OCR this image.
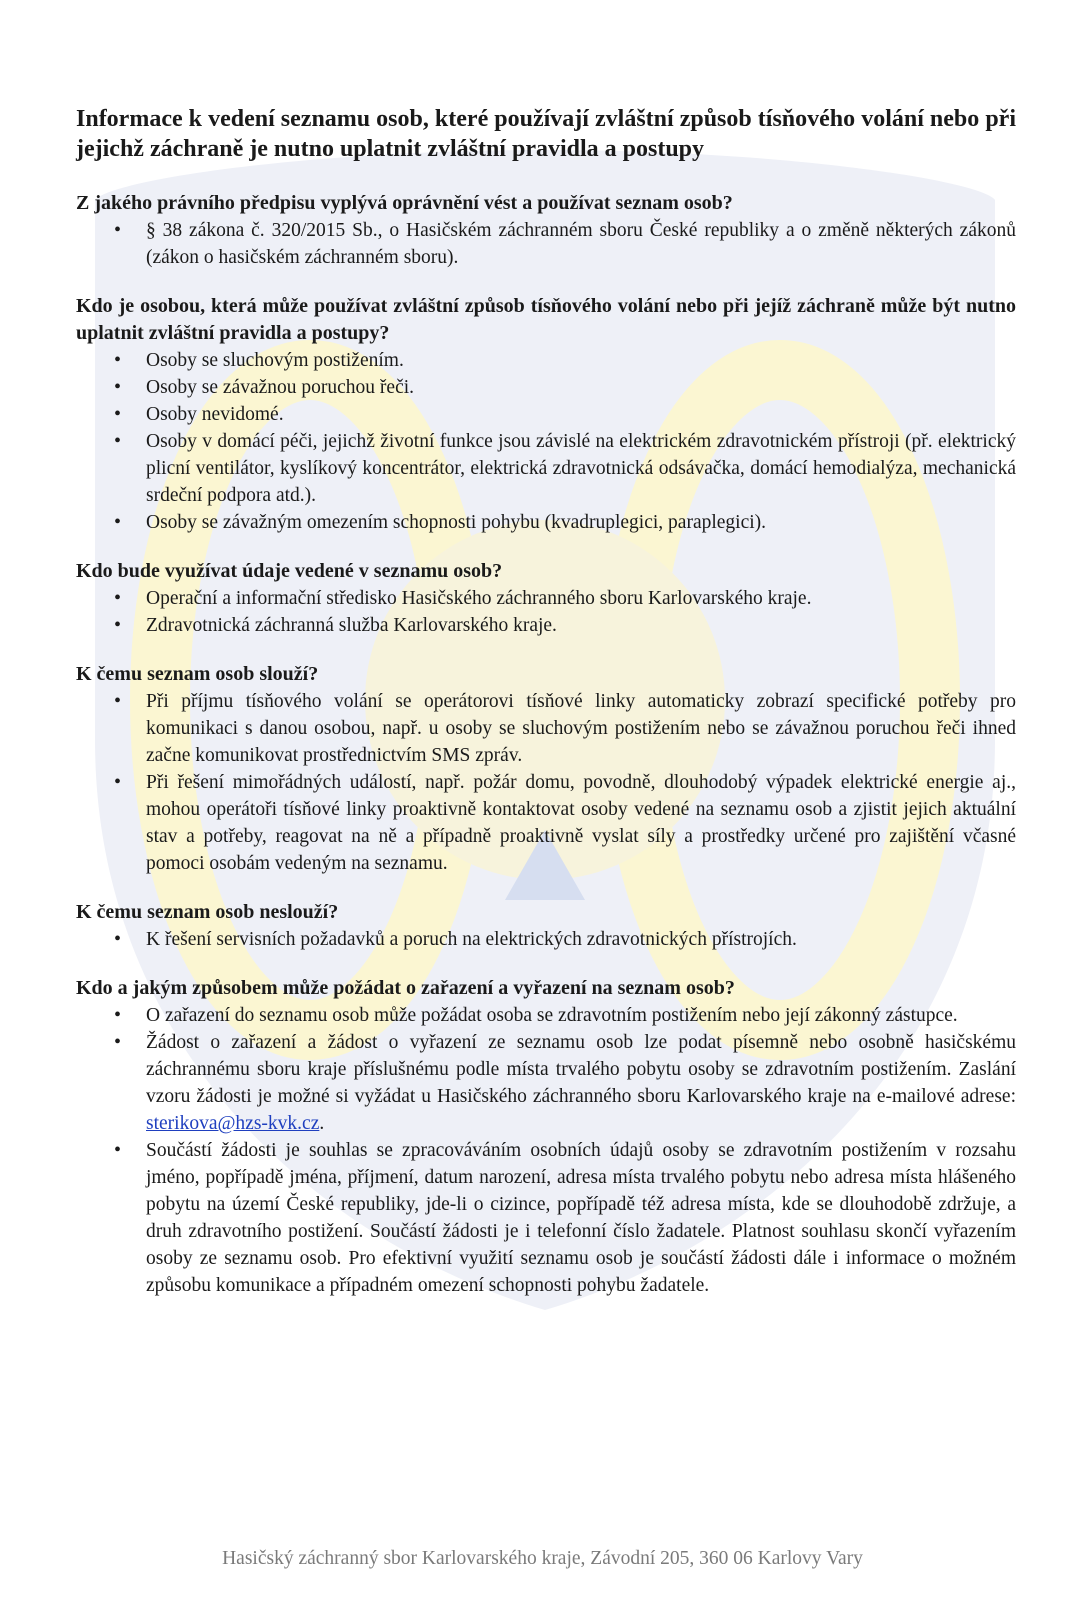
Informace k vedení seznamu osob, které používají zvláštní způsob tísňového volání nebo při jejichž záchraně je nutno uplatnit zvláštní pravidla a postupy

Z jakého právního předpisu vyplývá oprávnění vést a používat seznam osob?

• § 38 zákona č. 320/2015 Sb., o Hasičském záchranném sboru České republiky a o změně některých zákonů (zákon o hasičském záchranném sboru).

Kdo je osobou, která může používat zvláštní způsob tísňového volání nebo při jejíž záchraně může být nutno uplatnit zvláštní pravidla a postupy?

• Osoby se sluchovým postižením.
• Osoby se závažnou poruchou řeči.
• Osoby nevidomé.
• Osoby v domácí péči, jejichž životní funkce jsou závislé na elektrickém zdravotnickém přístroji (př. elektrický plicní ventilátor, kyslíkový koncentrátor, elektrická zdravotnická odsávačka, domácí hemodialýza, mechanická srdeční podpora atd.).
• Osoby se závažným omezením schopnosti pohybu (kvadruplegici, paraplegici).

Kdo bude využívat údaje vedené v seznamu osob?

• Operační a informační středisko Hasičského záchranného sboru Karlovarského kraje.
• Zdravotnická záchranná služba Karlovarského kraje.

K čemu seznam osob slouží?

• Při příjmu tísňového volání se operátorovi tísňové linky automaticky zobrazí specifické potřeby pro komunikaci s danou osobou, např. u osoby se sluchovým postižením nebo se závažnou poruchou řeči ihned začne komunikovat prostřednictvím SMS zpráv.
• Při řešení mimořádných událostí, např. požár domu, povodně, dlouhodobý výpadek elektrické energie aj., mohou operátoři tísňové linky proaktivně kontaktovat osoby vedené na seznamu osob a zjistit jejich aktuální stav a potřeby, reagovat na ně a případně proaktivně vyslat síly a prostředky určené pro zajištění včasné pomoci osobám vedeným na seznamu.

K čemu seznam osob neslouží?

• K řešení servisních požadavků a poruch na elektrických zdravotnických přístrojích.

Kdo a jakým způsobem může požádat o zařazení a vyřazení na seznam osob?

• O zařazení do seznamu osob může požádat osoba se zdravotním postižením nebo její zákonný zástupce.
• Žádost o zařazení a žádost o vyřazení ze seznamu osob lze podat písemně nebo osobně hasičskému záchrannému sboru kraje příslušnému podle místa trvalého pobytu osoby se zdravotním postižením. Zaslání vzoru žádosti je možné si vyžádat u Hasičského záchranného sboru Karlovarského kraje na e-mailové adrese: sterikova@hzs-kvk.cz.
• Součástí žádosti je souhlas se zpracováváním osobních údajů osoby se zdravotním postižením v rozsahu jméno, popřípadě jména, příjmení, datum narození, adresa místa trvalého pobytu nebo adresa místa hlášeného pobytu na území České republiky, jde-li o cizince, popřípadě též adresa místa, kde se dlouhodobě zdržuje, a druh zdravotního postižení. Součástí žádosti je i telefonní číslo žadatele. Platnost souhlasu skončí vyřazením osoby ze seznamu osob. Pro efektivní využití seznamu osob je součástí žádosti dále i informace o možném způsobu komunikace a případném omezení schopnosti pohybu žadatele.
Hasičský záchranný sbor Karlovarského kraje, Závodní 205, 360 06 Karlovy Vary
